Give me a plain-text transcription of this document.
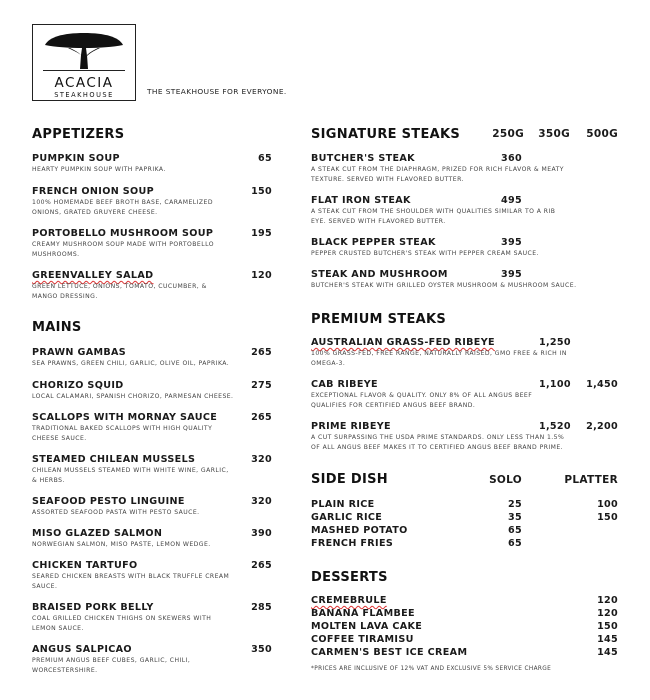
ACACIA
STEAKHOUSE	THE STEAKHOUSE FOR EVERYONE.
APPETIZERS
PUMPKIN SOUP	65
HEARTY PUMPKIN SOUP WITH PAPRIKA.
FRENCH ONION SOUP	150
100% HOMEMADE BEEF BROTH BASE, CARAMELIZED
ONIONS, GRATED GRUYERE CHEESE.
PORTOBELLO MUSHROOM SOUP	195
CREAMY MUSHROOM SOUP MADE WITH PORTOBELLO
MUSHROOMS.
GREENVALLEY SALAD	120
GREEN LETTUCE, ONIONS, TOMATO, CUCUMBER, &
MANGO DRESSING.
MAINS
PRAWN GAMBAS	265
SEA PRAWNS, GREEN CHILI, GARLIC, OLIVE OIL, PAPRIKA.
CHORIZO SQUID	275
LOCAL CALAMARI, SPANISH CHORIZO, PARMESAN CHEESE.
SCALLOPS WITH MORNAY SAUCE	265
TRADITIONAL BAKED SCALLOPS WITH HIGH QUALITY
CHEESE SAUCE.
STEAMED CHILEAN MUSSELS	320
CHILEAN MUSSELS STEAMED WITH WHITE WINE, GARLIC,
& HERBS.
SEAFOOD PESTO LINGUINE	320
ASSORTED SEAFOOD PASTA WITH PESTO SAUCE.
MISO GLAZED SALMON	390
NORWEGIAN SALMON, MISO PASTE, LEMON WEDGE.
CHICKEN TARTUFO	265
SEARED CHICKEN BREASTS WITH BLACK TRUFFLE CREAM
SAUCE.
BRAISED PORK BELLY	285
COAL GRILLED CHICKEN THIGHS ON SKEWERS WITH
LEMON SAUCE.
ANGUS SALPICAO	350
PREMIUM ANGUS BEEF CUBES, GARLIC, CHILI,
WORCESTERSHIRE.
SIGNATURE STEAKS	250G	350G	500G
BUTCHER'S STEAK	360
A STEAK CUT FROM THE DIAPHRAGM, PRIZED FOR RICH FLAVOR & MEATY
TEXTURE. SERVED WITH FLAVORED BUTTER.
FLAT IRON STEAK	495
A STEAK CUT FROM THE SHOULDER WITH QUALITIES SIMILAR TO A RIB
EYE. SERVED WITH FLAVORED BUTTER.
BLACK PEPPER STEAK	395
PEPPER CRUSTED BUTCHER'S STEAK WITH PEPPER CREAM SAUCE.
STEAK AND MUSHROOM	395
BUTCHER'S STEAK WITH GRILLED OYSTER MUSHROOM & MUSHROOM SAUCE.
PREMIUM STEAKS
AUSTRALIAN GRASS-FED RIBEYE	1,250
100% GRASS-FED, FREE RANGE, NATURALLY RAISED, GMO FREE & RICH IN
OMEGA-3.
CAB RIBEYE	1,100 1,450
EXCEPTIONAL FLAVOR & QUALITY. ONLY 8% OF ALL ANGUS BEEF
QUALIFIES FOR CERTIFIED ANGUS BEEF BRAND.
PRIME RIBEYE	1,520 2,200
A CUT SURPASSING THE USDA PRIME STANDARDS. ONLY LESS THAN 1.5%
OF ALL ANGUS BEEF MAKES IT TO CERTIFIED ANGUS BEEF BRAND PRIME.
SIDE DISH	SOLO	PLATTER
PLAIN RICE	25	100
GARLIC RICE	35	150
MASHED POTATO	65
FRENCH FRIES	65
DESSERTS
CREMEBRULE	120
BANANA FLAMBEE	120
MOLTEN LAVA CAKE	150
COFFEE TIRAMISU	145
CARMEN'S BEST ICE CREAM	145
*PRICES ARE INCLUSIVE OF 12% VAT AND EXCLUSIVE 5% SERVICE CHARGE
